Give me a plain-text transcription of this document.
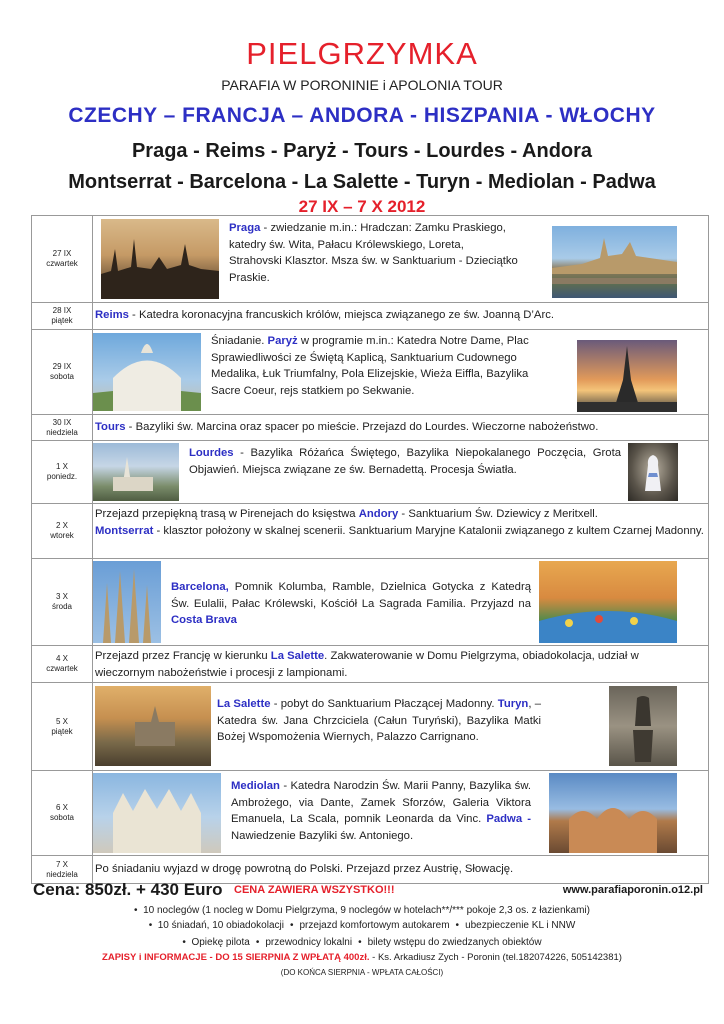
PIELGRZYMKA
PARAFIA W PORONINIE i APOLONIA TOUR
CZECHY – FRANCJA – ANDORA - HISZPANIA - WŁOCHY
Praga - Reims - Paryż - Tours - Lourdes - Andora
Montserrat - Barcelona - La Salette - Turyn - Mediolan - Padwa
27 IX – 7 X 2012
27 IX
czwartek	Praga - zwiedzanie m.in.: Hradczan: Zamku Praskiego, katedry św. Wita, Pałacu Królewskiego, Loreta, Strahovski Klasztor. Msza św. w Sanktuarium - Dzieciątko Praskie.

28 IX
piątek	Reims - Katedra koronacyjna francuskich królów, miejsca związanego ze św. Joanną D’Arc.

29 IX
sobota	Śniadanie. Paryż w programie m.in.: Katedra Notre Dame, Plac Sprawiedliwości ze Świętą Kaplicą, Sanktuarium Cudownego Medalika, Łuk Triumfalny, Pola Elizejskie, Wieża Eiffla, Bazylika Sacre Coeur, rejs statkiem po Sekwanie.

30 IX
niedziela	Tours - Bazyliki św. Marcina oraz spacer po mieście. Przejazd do Lourdes. Wieczorne nabożeństwo.

1 X
poniedz.	Lourdes - Bazylika Różańca Świętego, Bazylika Niepokalanego Poczęcia, Grota Objawień. Miejsca związane ze św. Bernadettą. Procesja Światła.

2 X
wtorek	Przejazd przepiękną trasą w Pirenejach do księstwa Andory - Sanktuarium Św. Dziewicy z Meritxell.
Montserrat - klasztor położony w skalnej scenerii. Sanktuarium Maryjne Katalonii związanego z kultem Czarnej Madonny.

3 X
środa	Barcelona, Pomnik Kolumba, Ramble, Dzielnica Gotycka z Katedrą Św. Eulalii, Pałac Królewski, Kościół La Sagrada Familia. Przyjazd na Costa Brava

4 X
czwartek	Przejazd przez Francję w kierunku La Salette. Zakwaterowanie w Domu Pielgrzyma, obiadokolacja, udział w wieczornym nabożeństwie i procesji z lampionami.

5 X
piątek	La Salette - pobyt do Sanktuarium Płaczącej Madonny. Turyn, – Katedra św. Jana Chrzciciela (Całun Turyński), Bazylika Matki Bożej Wspomożenia Wiernych, Palazzo Carrignano.

6 X
sobota	Mediolan - Katedra Narodzin Św. Marii Panny, Bazylika św. Ambrożego, via Dante, Zamek Sforzów, Galeria Viktora Emanuela, La Scala, pomnik Leonarda da Vinc. Padwa - Nawiedzenie Bazyliki św. Antoniego.

7 X
niedziela	Po śniadaniu wyjazd w drogę powrotną do Polski. Przejazd przez Austrię, Słowację.
Cena: 850zł. + 430 Euro CENA ZAWIERA WSZYSTKO!!!	www.parafiaporonin.o12.pl
•  10 noclegów (1 nocleg w Domu Pielgrzyma, 9 noclegów w hotelach**/*** pokoje 2,3 os. z łazienkami)
•  10 śniadań, 10 obiadokolacji • przejazd komfortowym autokarem • ubezpieczenie KL i NNW
•  Opiekę pilota • przewodnicy lokalni • bilety wstępu do zwiedzanych obiektów
ZAPISY i INFORMACJE - DO 15 SIERPNIA Z WPŁATĄ 400zł. - Ks. Arkadiusz Zych - Poronin (tel.182074226, 505142381)
(DO KOŃCA SIERPNIA - WPŁATA CAŁOŚCI)
